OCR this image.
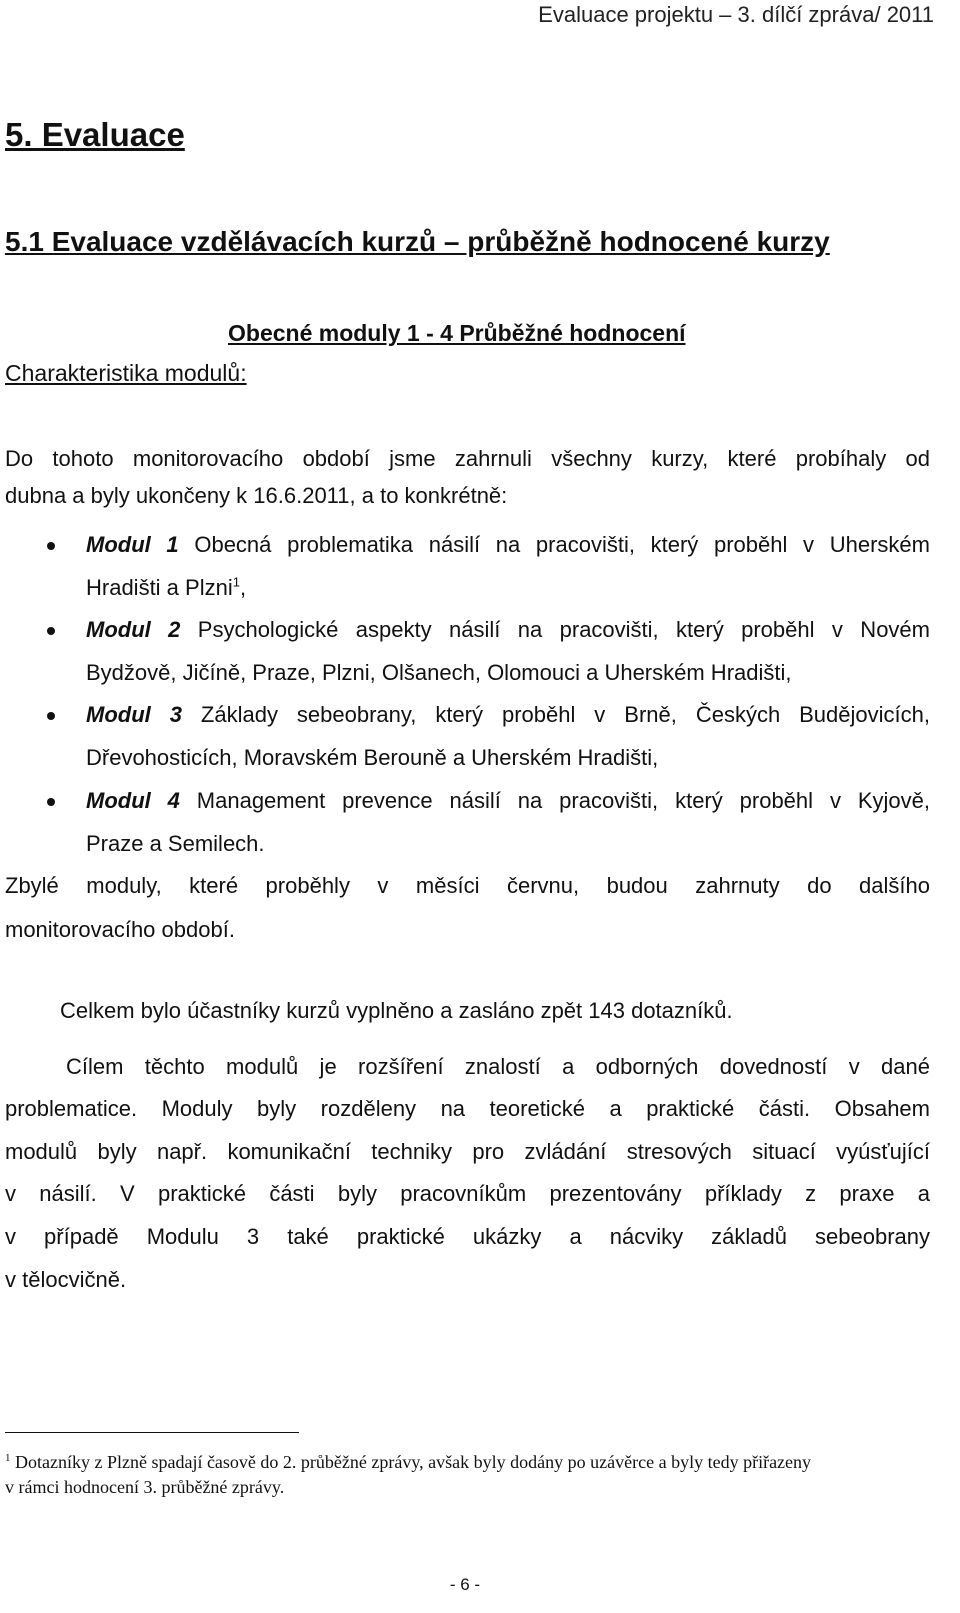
Evaluace projektu – 3. dílčí zpráva/ 2011
5. Evaluace
5.1 Evaluace vzdělávacích kurzů – průběžně hodnocené kurzy
Obecné moduly 1 - 4 Průběžné hodnocení
Charakteristika modulů:
Do tohoto monitorovacího období jsme zahrnuli všechny kurzy, které probíhaly od
dubna a byly ukončeny k 16.6.2011, a to konkrétně:
Modul 1 Obecná problematika násilí na pracovišti, který proběhl v Uherském
Hradišti a Plzni$^1$,
Modul 2 Psychologické aspekty násilí na pracovišti, který proběhl v Novém
Bydžově, Jičíně, Praze, Plzni, Olšanech, Olomouci a Uherském Hradišti,
Modul 3 Základy sebeobrany, který proběhl v Brně, Českých Budějovicích,
Dřevohosticích, Moravském Berouně a Uherském Hradišti,
Modul 4 Management prevence násilí na pracovišti, který proběhl v Kyjově,
Praze a Semilech.
Zbylé moduly, které proběhly v měsíci červnu, budou zahrnuty do dalšího
monitorovacího období.
Celkem bylo účastníky kurzů vyplněno a zasláno zpět 143 dotazníků.
Cílem těchto modulů je rozšíření znalostí a odborných dovedností v dané
problematice. Moduly byly rozděleny na teoretické a praktické části. Obsahem
modulů byly např. komunikační techniky pro zvládání stresových situací vyúsťující
v násilí. V praktické části byly pracovníkům prezentovány příklady z praxe a
v případě Modulu 3 také praktické ukázky a nácviky základů sebeobrany
v tělocvičně.
$^1$ Dotazníky z Plzně spadají časově do 2. průběžné zprávy, avšak byly dodány po uzávěrce a byly tedy přiřazeny
v rámci hodnocení 3. průběžné zprávy.
- 6 -
